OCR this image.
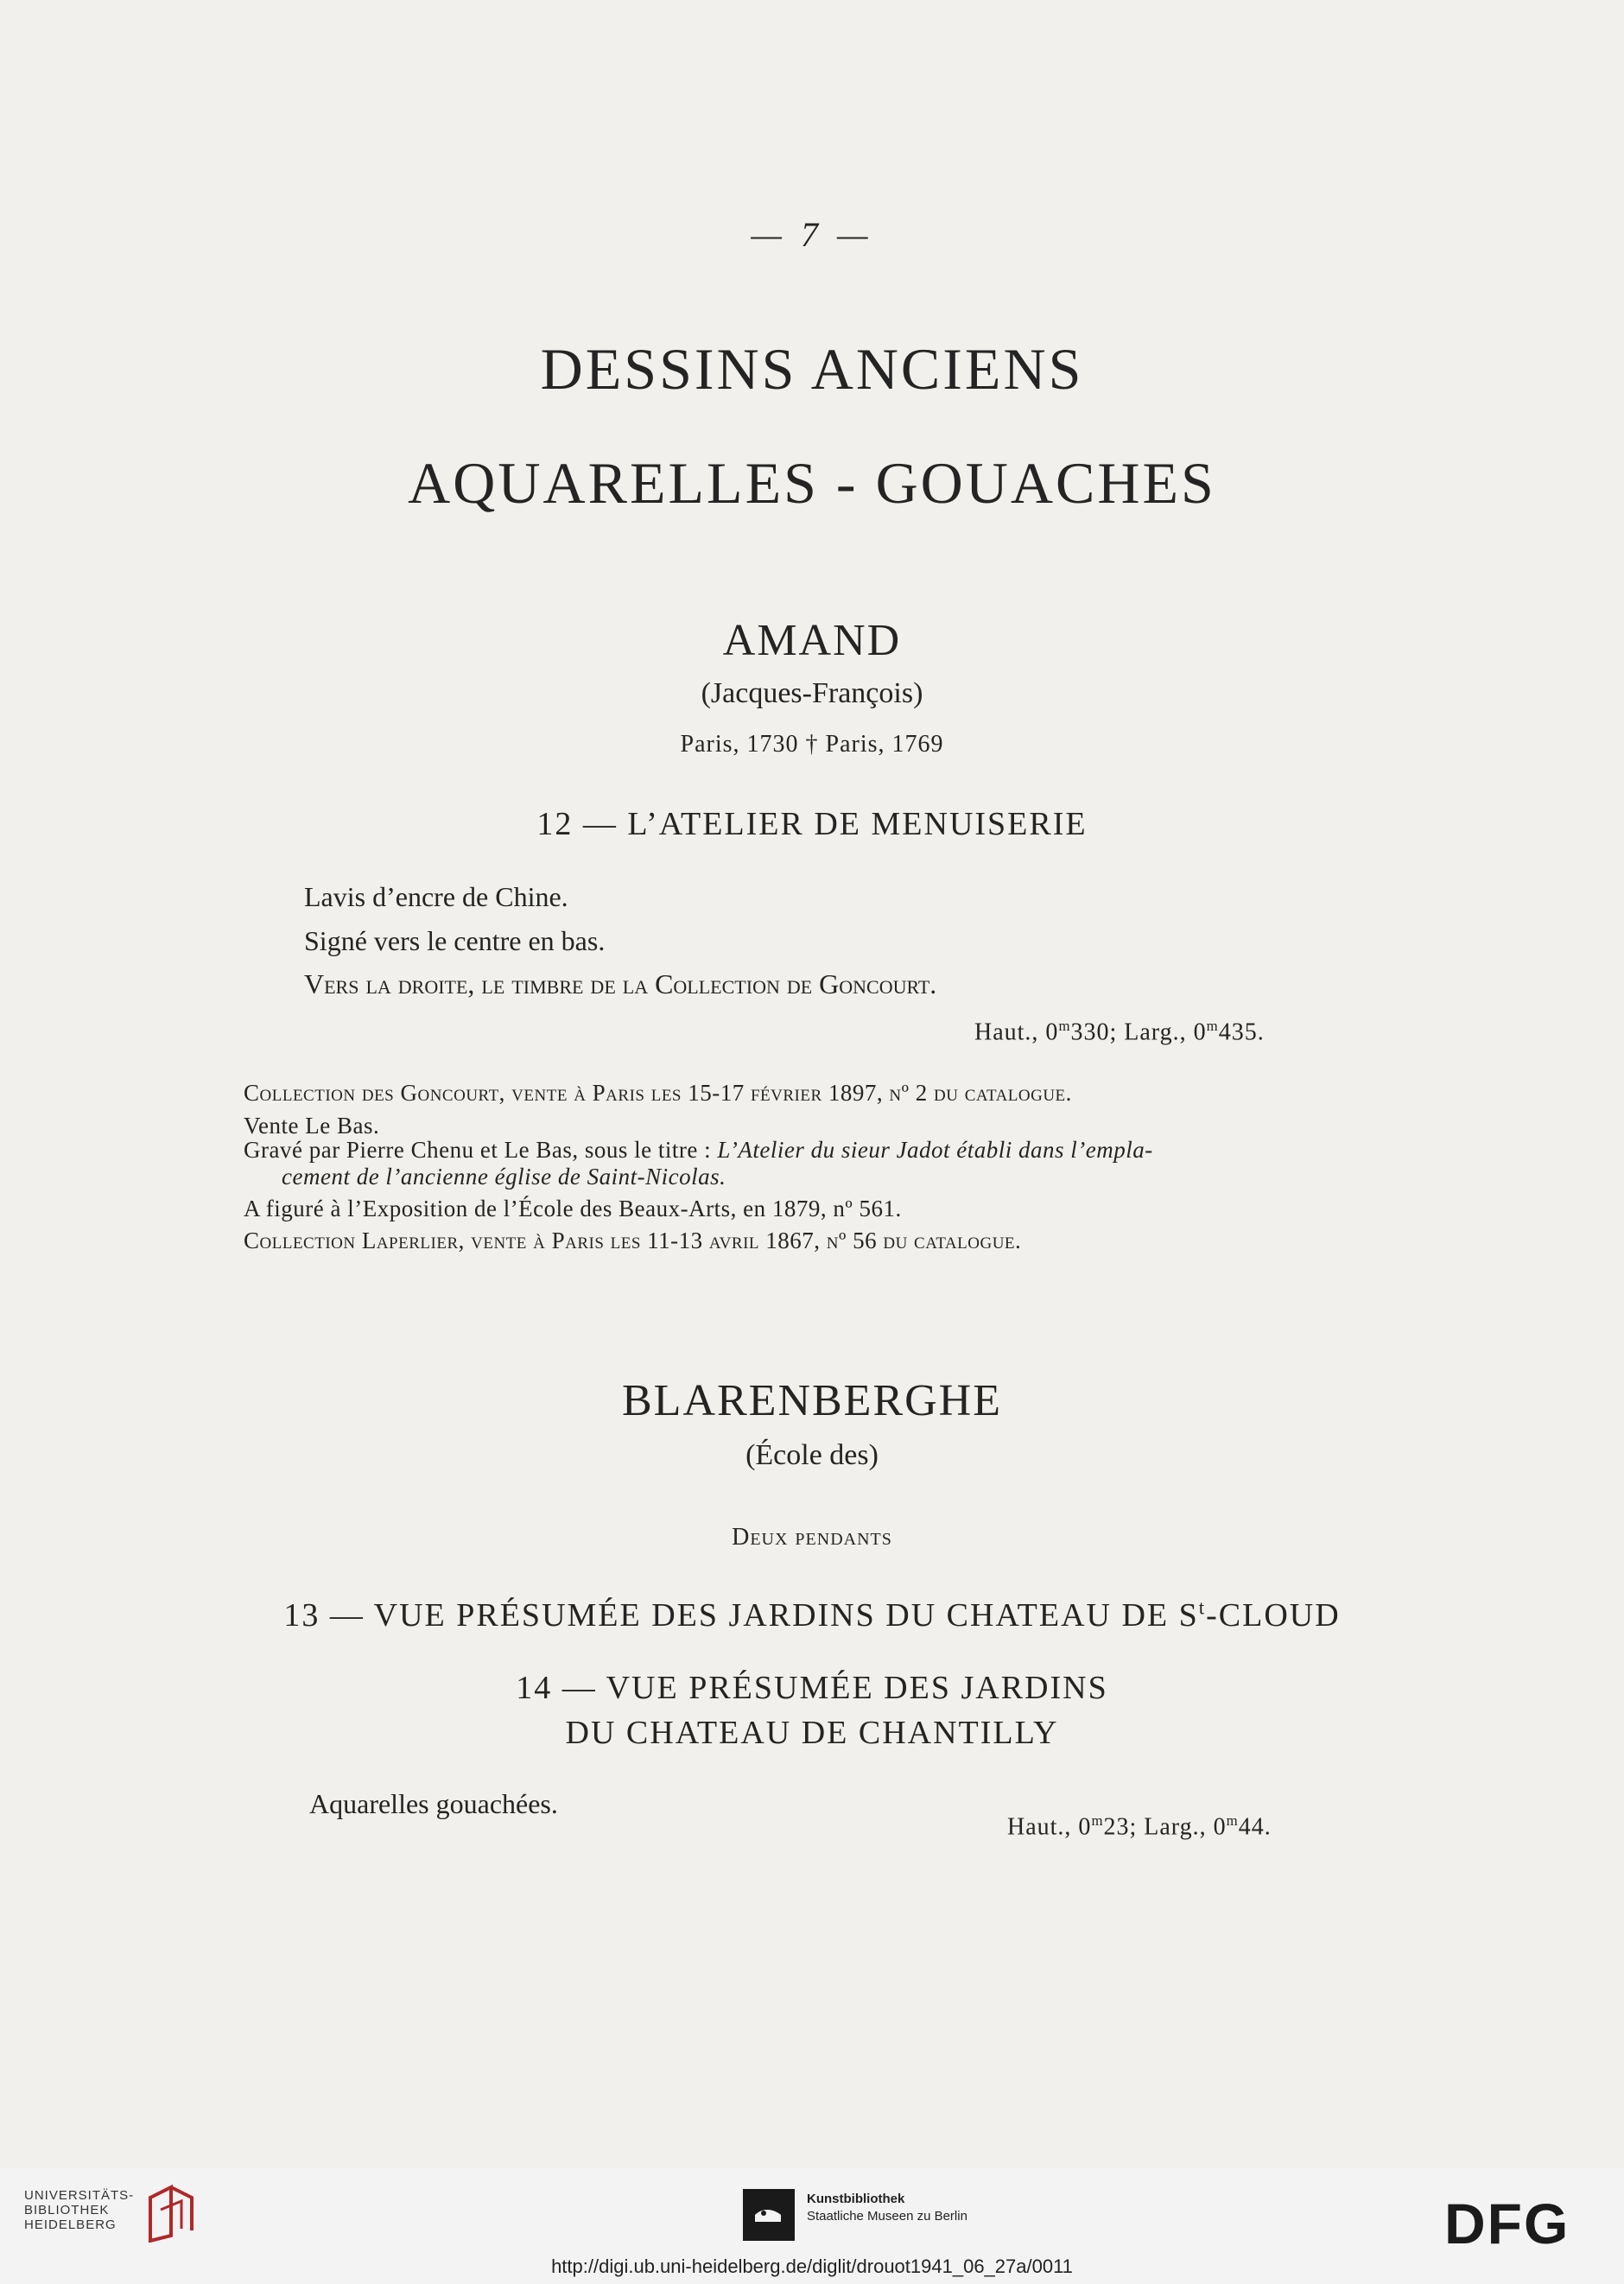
— 7 —
DESSINS ANCIENS
AQUARELLES - GOUACHES
AMAND
(Jacques-François)
Paris, 1730 † Paris, 1769
12 — L’ATELIER DE MENUISERIE
Lavis d’encre de Chine.
Signé vers le centre en bas.
Vers la droite, le timbre de la Collection de Goncourt.
Haut., 0$^m$330; Larg., 0$^m$435.
Collection des Goncourt, vente à Paris les 15-17 février 1897, nº 2 du catalogue.
Vente Le Bas.
Gravé par Pierre Chenu et Le Bas, sous le titre : L’Atelier du sieur Jadot établi dans l’empla-
cement de l’ancienne église de Saint-Nicolas.
A figuré à l’Exposition de l’École des Beaux-Arts, en 1879, nº 561.
Collection Laperlier, vente à Paris les 11-13 avril 1867, nº 56 du catalogue.
BLARENBERGHE
(École des)
Deux pendants
13 — VUE PRÉSUMÉE DES JARDINS DU CHATEAU DE $S^t$-CLOUD
14 — VUE PRÉSUMÉE DES JARDINS
DU CHATEAU DE CHANTILLY
Aquarelles gouachées.
Haut., 0$^m$23; Larg., 0$^m$44.
UNIVERSITÄTS-
BIBLIOTHEK
HEIDELBERG
Kunstbibliothek
Staatliche Museen zu Berlin	DFG
http://digi.ub.uni-heidelberg.de/diglit/drouot1941_06_27a/0011
